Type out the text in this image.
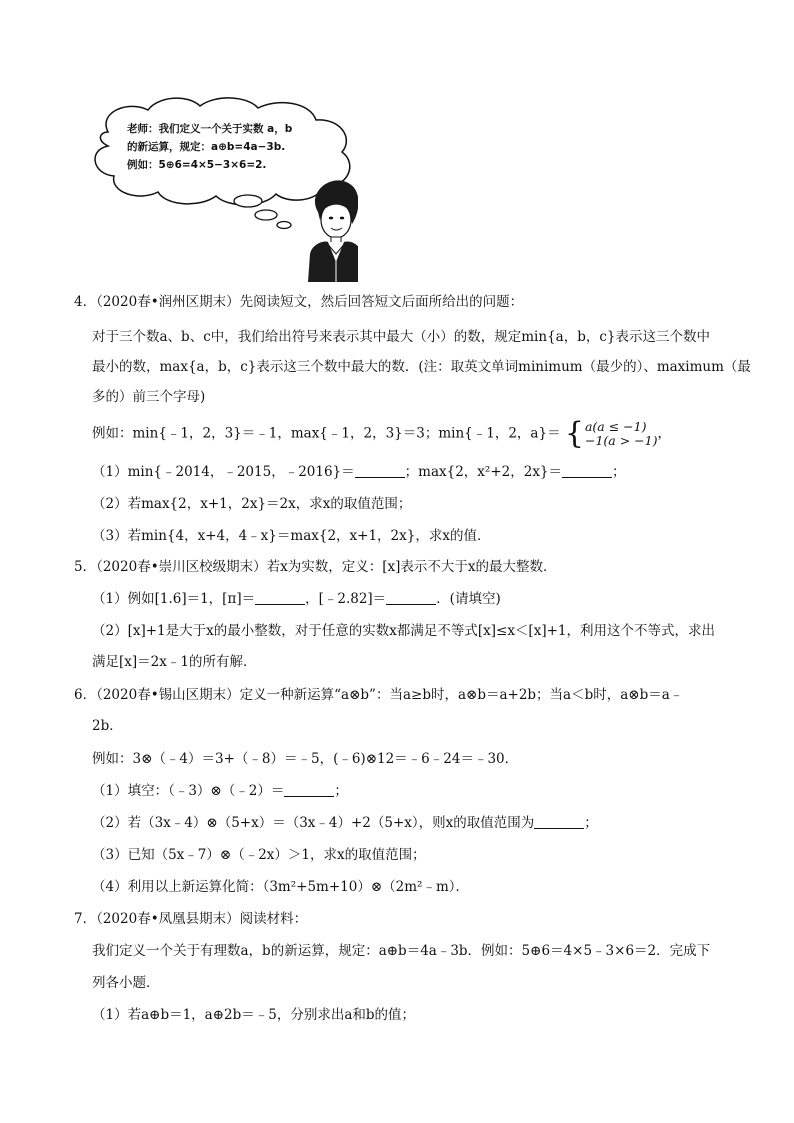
老师：我们定义一个关于实数 a，b
的新运算，规定：a⊕b=4a−3b.
例如：5⊕6=4×5−3×6=2.
4．（2020春•润州区期末）先阅读短文，然后回答短文后面所给出的问题：
对于三个数a、b、c中，我们给出符号来表示其中最大（小）的数，规定min{a，b，c}表示这三个数中
最小的数，max{a，b，c}表示这三个数中最大的数．(注：取英文单词minimum（最少的）、maximum（最
多的）前三个字母)
例如：min{﹣1，2，3}＝﹣1，max{﹣1，2，3}＝3；min{﹣1，2，a}＝ { a(a ≤ −1)
−1(a > −1) ，
（1）min{﹣2014，﹣2015，﹣2016}＝	；max{2，x²+2，2x}＝	；
（2）若max{2，x+1，2x}＝2x，求x的取值范围；
（3）若min{4，x+4，4﹣x}＝max{2，x+1，2x}，求x的值．
5．（2020春•崇川区校级期末）若x为实数，定义：[x]表示不大于x的最大整数．
（1）例如[1.6]＝1，[π]＝	，[﹣2.82]＝	．(请填空)
（2）[x]+1是大于x的最小整数，对于任意的实数x都满足不等式[x]≤x＜[x]+1，利用这个不等式，求出
满足[x]＝2x﹣1的所有解．
6．（2020春•锡山区期末）定义一种新运算“a⊗b”：当a≥b时，a⊗b＝a+2b；当a＜b时，a⊗b＝a﹣
2b．
例如：3⊗（﹣4）＝3+（﹣8）＝﹣5，(﹣6)⊗12＝﹣6﹣24＝﹣30．
（1）填空：（﹣3）⊗（﹣2）＝	；
（2）若（3x﹣4）⊗（5+x）＝（3x﹣4）+2（5+x），则x的取值范围为	；
（3）已知（5x﹣7）⊗（﹣2x）＞1，求x的取值范围；
（4）利用以上新运算化简：（3m²+5m+10）⊗（2m²﹣m）．
7．（2020春•凤凰县期末）阅读材料：
我们定义一个关于有理数a，b的新运算，规定：a⊕b＝4a﹣3b．例如：5⊕6＝4×5﹣3×6＝2．完成下
列各小题．
（1）若a⊕b＝1，a⊕2b＝﹣5，分别求出a和b的值；
